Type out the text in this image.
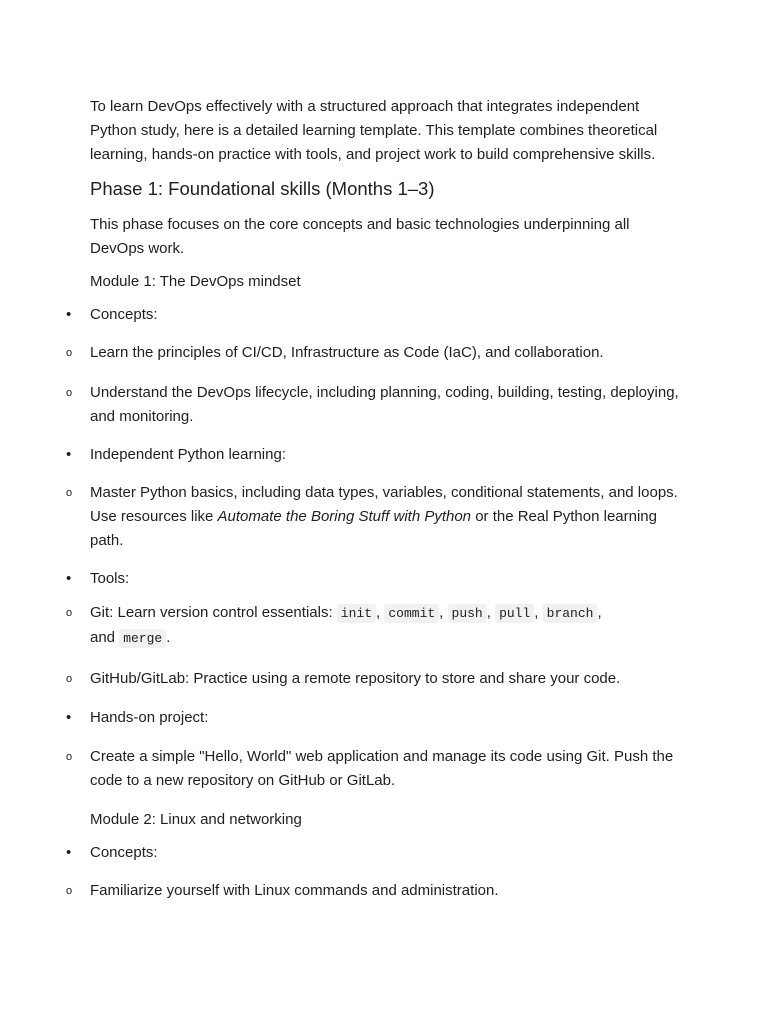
To learn DevOps effectively with a structured approach that integrates independent Python study, here is a detailed learning template. This template combines theoretical learning, hands-on practice with tools, and project work to build comprehensive skills.

Phase 1: Foundational skills (Months 1–3)

This phase focuses on the core concepts and basic technologies underpinning all DevOps work.

Module 1: The DevOps mindset

•	Concepts:
o	Learn the principles of CI/CD, Infrastructure as Code (IaC), and collaboration.
o	Understand the DevOps lifecycle, including planning, coding, building, testing, deploying, and monitoring.
•	Independent Python learning:
o	Master Python basics, including data types, variables, conditional statements, and loops. Use resources like Automate the Boring Stuff with Python or the Real Python learning path.
•	Tools:
o	Git: Learn version control essentials: init , commit , push , pull , branch ,
and merge .
o	GitHub/GitLab: Practice using a remote repository to store and share your code.
•	Hands-on project:
o	Create a simple "Hello, World" web application and manage its code using Git. Push the code to a new repository on GitHub or GitLab.

Module 2: Linux and networking

•	Concepts:
o	Familiarize yourself with Linux commands and administration.
